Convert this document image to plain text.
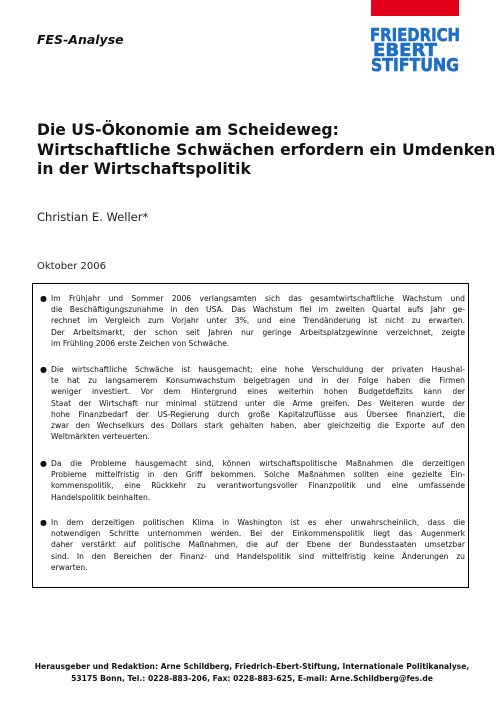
FES-Analyse	FRIEDRICH
EBERT
STIFTUNG
Die US-Ökonomie am Scheideweg:
Wirtschaftliche Schwächen erfordern ein Umdenken
in der Wirtschaftspolitik
Christian E. Weller*
Oktober 2006
● Im Frühjahr und Sommer 2006 verlangsamten sich das gesamtwirtschaftliche Wachstum und
die Beschäftigungszunahme in den USA. Das Wachstum fiel im zweiten Quartal aufs Jahr ge-
rechnet im Vergleich zum Vorjahr unter 3%, und eine Trendänderung ist nicht zu erwarten.
Der Arbeitsmarkt, der schon seit Jahren nur geringe Arbeitsplatzgewinne verzeichnet, zeigte
im Frühling 2006 erste Zeichen von Schwäche.
● Die wirtschaftliche Schwäche ist hausgemacht; eine hohe Verschuldung der privaten Haushal-
te hat zu langsamerem Konsumwachstum beigetragen und in der Folge haben die Firmen
weniger investiert. Vor dem Hintergrund eines weiterhin hohen Budgetdefizits kann der
Staat der Wirtschaft nur minimal stützend unter die Arme greifen. Des Weiteren wurde der
hohe Finanzbedarf der US-Regierung durch große Kapitalzuflüsse aus Übersee finanziert, die
zwar den Wechselkurs des Dollars stark gehalten haben, aber gleichzeitig die Exporte auf den
Weltmärkten verteuerten.
● Da die Probleme hausgemacht sind, können wirtschaftspolitische Maßnahmen die derzeitigen
Probleme mittelfristig in den Griff bekommen. Solche Maßnahmen sollten eine gezielte Ein-
kommenspolitik, eine Rückkehr zu verantwortungsvoller Finanzpolitik und eine umfassende
Handelspolitik beinhalten.
● In dem derzeitigen politischen Klima in Washington ist es eher unwahrscheinlich, dass die
notwendigen Schritte unternommen werden. Bei der Einkommenspolitik liegt das Augenmerk
daher verstärkt auf politische Maßnahmen, die auf der Ebene der Bundesstaaten umsetzbar
sind. In den Bereichen der Finanz- und Handelspolitik sind mittelfristig keine Änderungen zu
erwarten.
Herausgeber und Redaktion: Arne Schildberg, Friedrich-Ebert-Stiftung, Internationale Politikanalyse,
53175 Bonn, Tel.: 0228-883-206, Fax: 0228-883-625, E-mail: Arne.Schildberg@fes.de
